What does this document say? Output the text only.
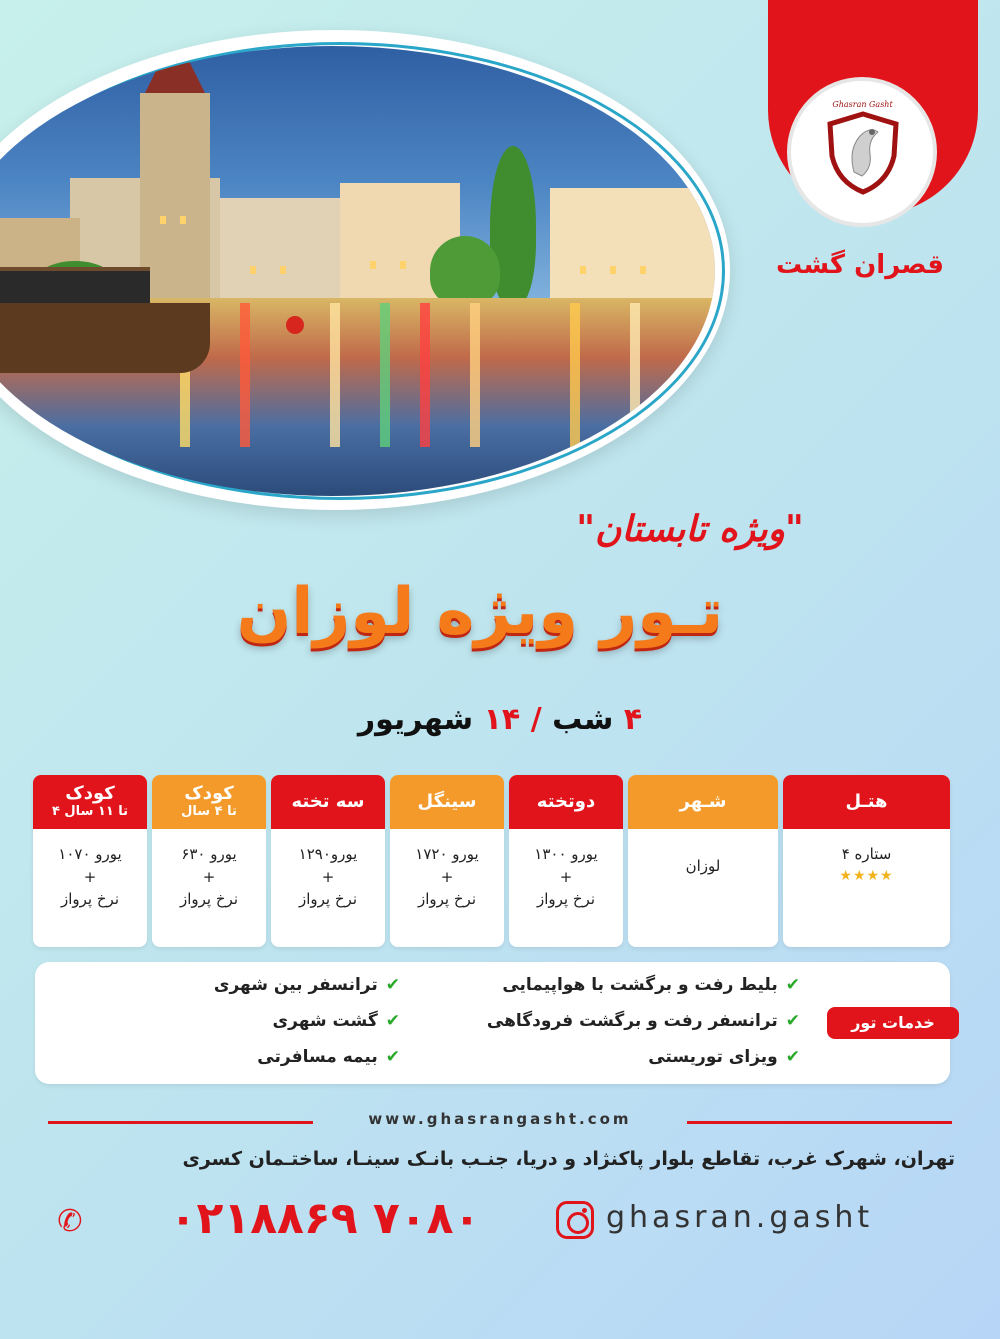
Ghasran Gasht
قصران گشت
"ویژه تابستان"
تـور ویژه لوزان
۴ شب / ۱۴ شهریور
هتـل
۴ ستاره
★★★★
شـهر
لوزان
دوتخته
۱۳۰۰ یورو
+
نرخ پرواز
سینگل
۱۷۲۰ یورو
+
نرخ پرواز
سه تخته
۱۲۹۰یورو
+
نرخ پرواز
کودک
تا ۴ سال
۶۳۰ یورو
+
نرخ پرواز
کودک
۴ تا ۱۱ سال
۱۰۷۰ یورو
+
نرخ پرواز
خدمات تور
✔بلیط رفت و برگشت با هواپیمایی
✔ترانسفر رفت و برگشت فرودگاهی
✔ویزای توریستی
✔ترانسفر بین شهری
✔گشت شهری
✔بیمه مسافرتی
www.ghasrangasht.com
تهران، شهرک غرب، تقاطع بلوار پاکنژاد و دریا، جنـب بانـک سینـا، ساختـمان کسری
✆	۰۲۱۸۸۶۹ ۷۰۸۰	ghasran.gasht
